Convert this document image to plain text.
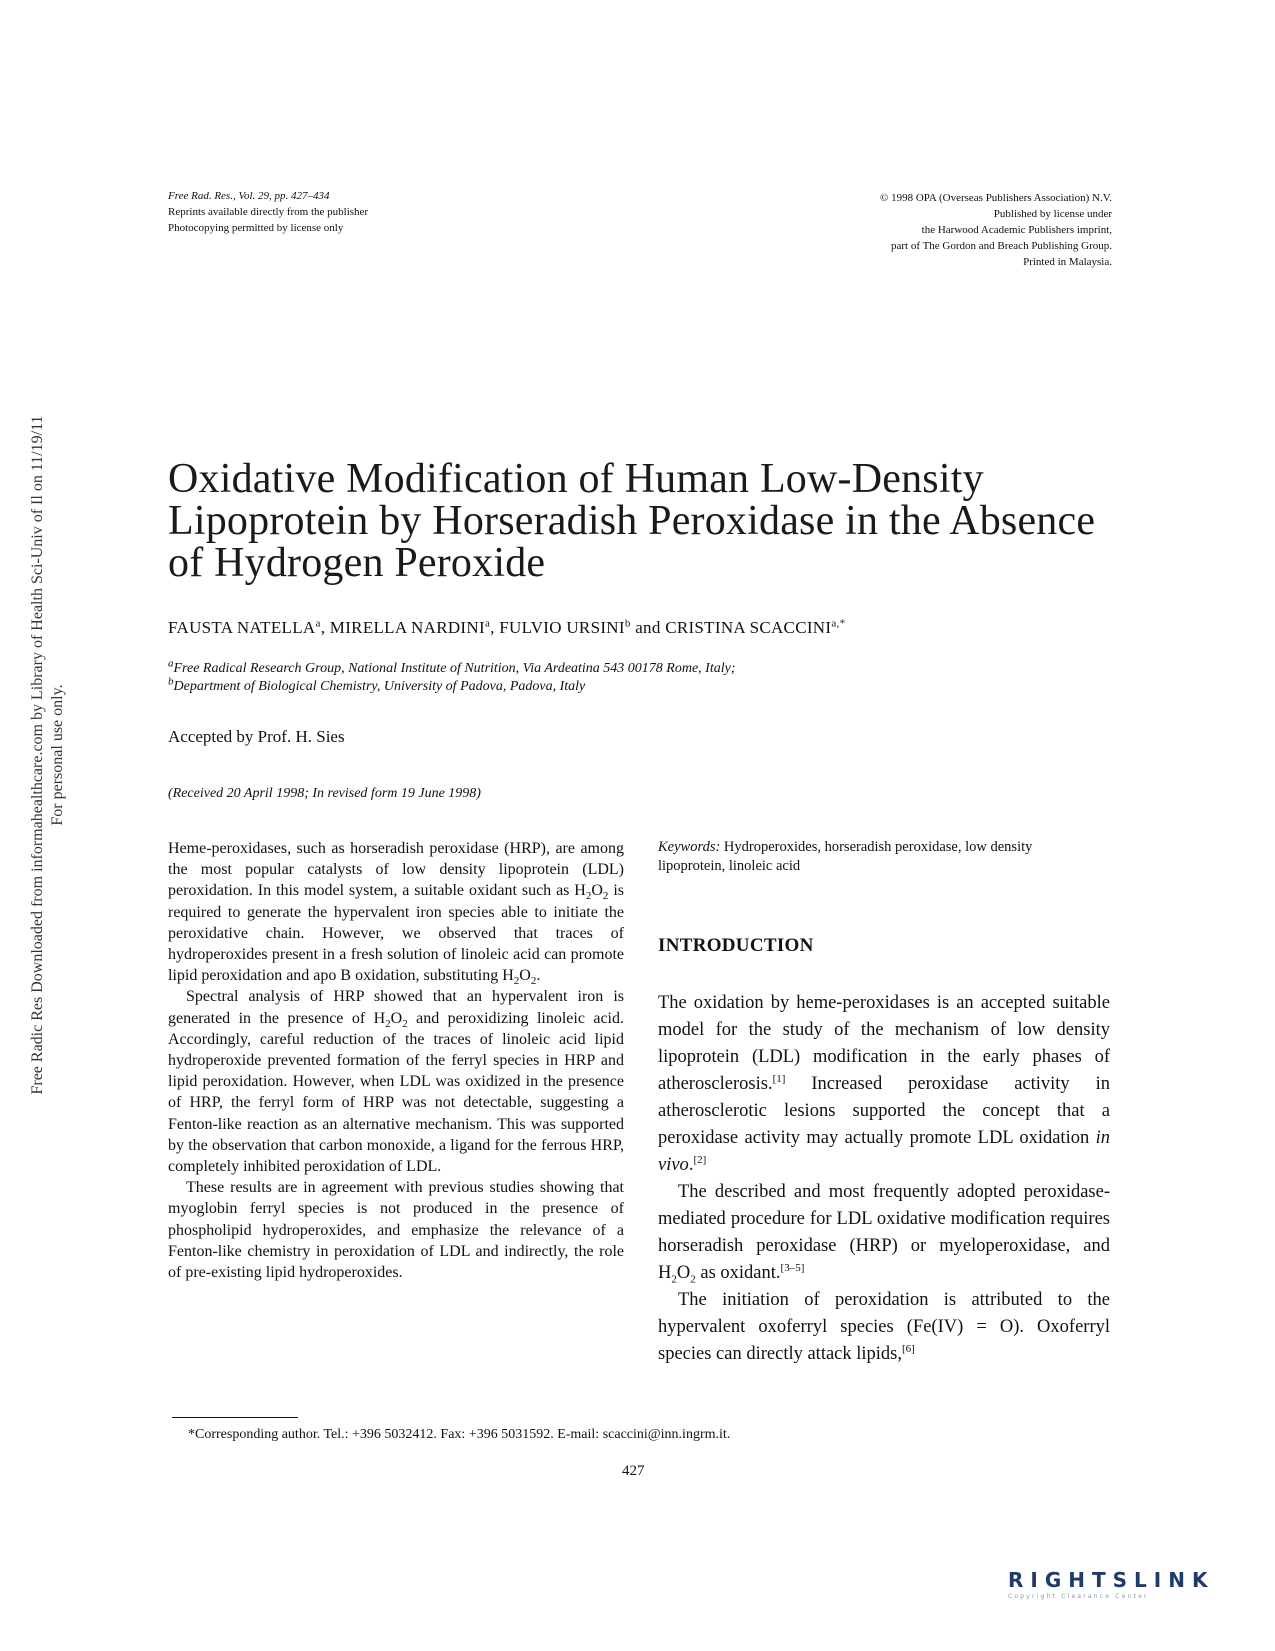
Free Rad. Res., Vol. 29, pp. 427–434
Reprints available directly from the publisher
Photocopying permitted by license only
© 1998 OPA (Overseas Publishers Association) N.V.
Published by license under
the Harwood Academic Publishers imprint,
part of The Gordon and Breach Publishing Group.
Printed in Malaysia.
Free Radic Res Downloaded from informahealthcare.com by Library of Health Sci-Univ of Il on 11/19/11 For personal use only.
Oxidative Modification of Human Low-Density
Lipoprotein by Horseradish Peroxidase in the Absence
of Hydrogen Peroxide
FAUSTA NATELLA$^a$, MIRELLA NARDINI$^a$, FULVIO URSINI$^b$ and CRISTINA $SCACCINI^{a,*}$
$^a$Free Radical Research Group, National Institute of Nutrition, Via Ardeatina 543 00178 Rome, Italy;
$^b$Department of Biological Chemistry, University of Padova, Padova, Italy
Accepted by Prof. H. Sies
(Received 20 April 1998; In revised form 19 June 1998)

Heme-peroxidases, such as horseradish peroxidase (HRP), are among the most popular catalysts of low density lipoprotein (LDL) peroxidation. In this model system, a suitable oxidant such as $H_2O_2$ is required to generate the hypervalent iron species able to initiate the peroxidative chain. However, we observed that traces of hydroperoxides present in a fresh solution of linoleic acid can promote lipid peroxidation and apo B oxidation, substituting $H_2O_2$.

Spectral analysis of HRP showed that an hypervalent iron is generated in the presence of $H_2O_2$ and peroxidizing linoleic acid. Accordingly, careful reduction of the traces of linoleic acid lipid hydroperoxide prevented formation of the ferryl species in HRP and lipid peroxidation. However, when LDL was oxidized in the presence of HRP, the ferryl form of HRP was not detectable, suggesting a Fenton-like reaction as an alternative mechanism. This was supported by the observation that carbon monoxide, a ligand for the ferrous HRP, completely inhibited peroxidation of LDL.

These results are in agreement with previous studies showing that myoglobin ferryl species is not produced in the presence of phospholipid hydroperoxides, and emphasize the relevance of a Fenton-like chemistry in peroxidation of LDL and indirectly, the role of pre-existing lipid hydroperoxides.

Keywords: Hydroperoxides, horseradish peroxidase, low density lipoprotein, linoleic acid
INTRODUCTION

The oxidation by heme-peroxidases is an accepted suitable model for the study of the mechanism of low density lipoprotein (LDL) modification in the early phases of atherosclerosis.[1] Increased peroxidase activity in atherosclerotic lesions supported the concept that a peroxidase activity may actually promote LDL oxidation in vivo.[2]

The described and most frequently adopted peroxidase-mediated procedure for LDL oxidative modification requires horseradish peroxidase (HRP) or myeloperoxidase, and $H_2O_2$ as oxidant.[3–5]

The initiation of peroxidation is attributed to the hypervalent oxoferryl species (Fe(IV) = O). Oxoferryl species can directly attack lipids,[6]

*Corresponding author. Tel.: +396 5032412. Fax: +396 5031592. E-mail: scaccini@inn.ingrm.it.
427
RIGHTSLINK
Copyright Clearance Center
